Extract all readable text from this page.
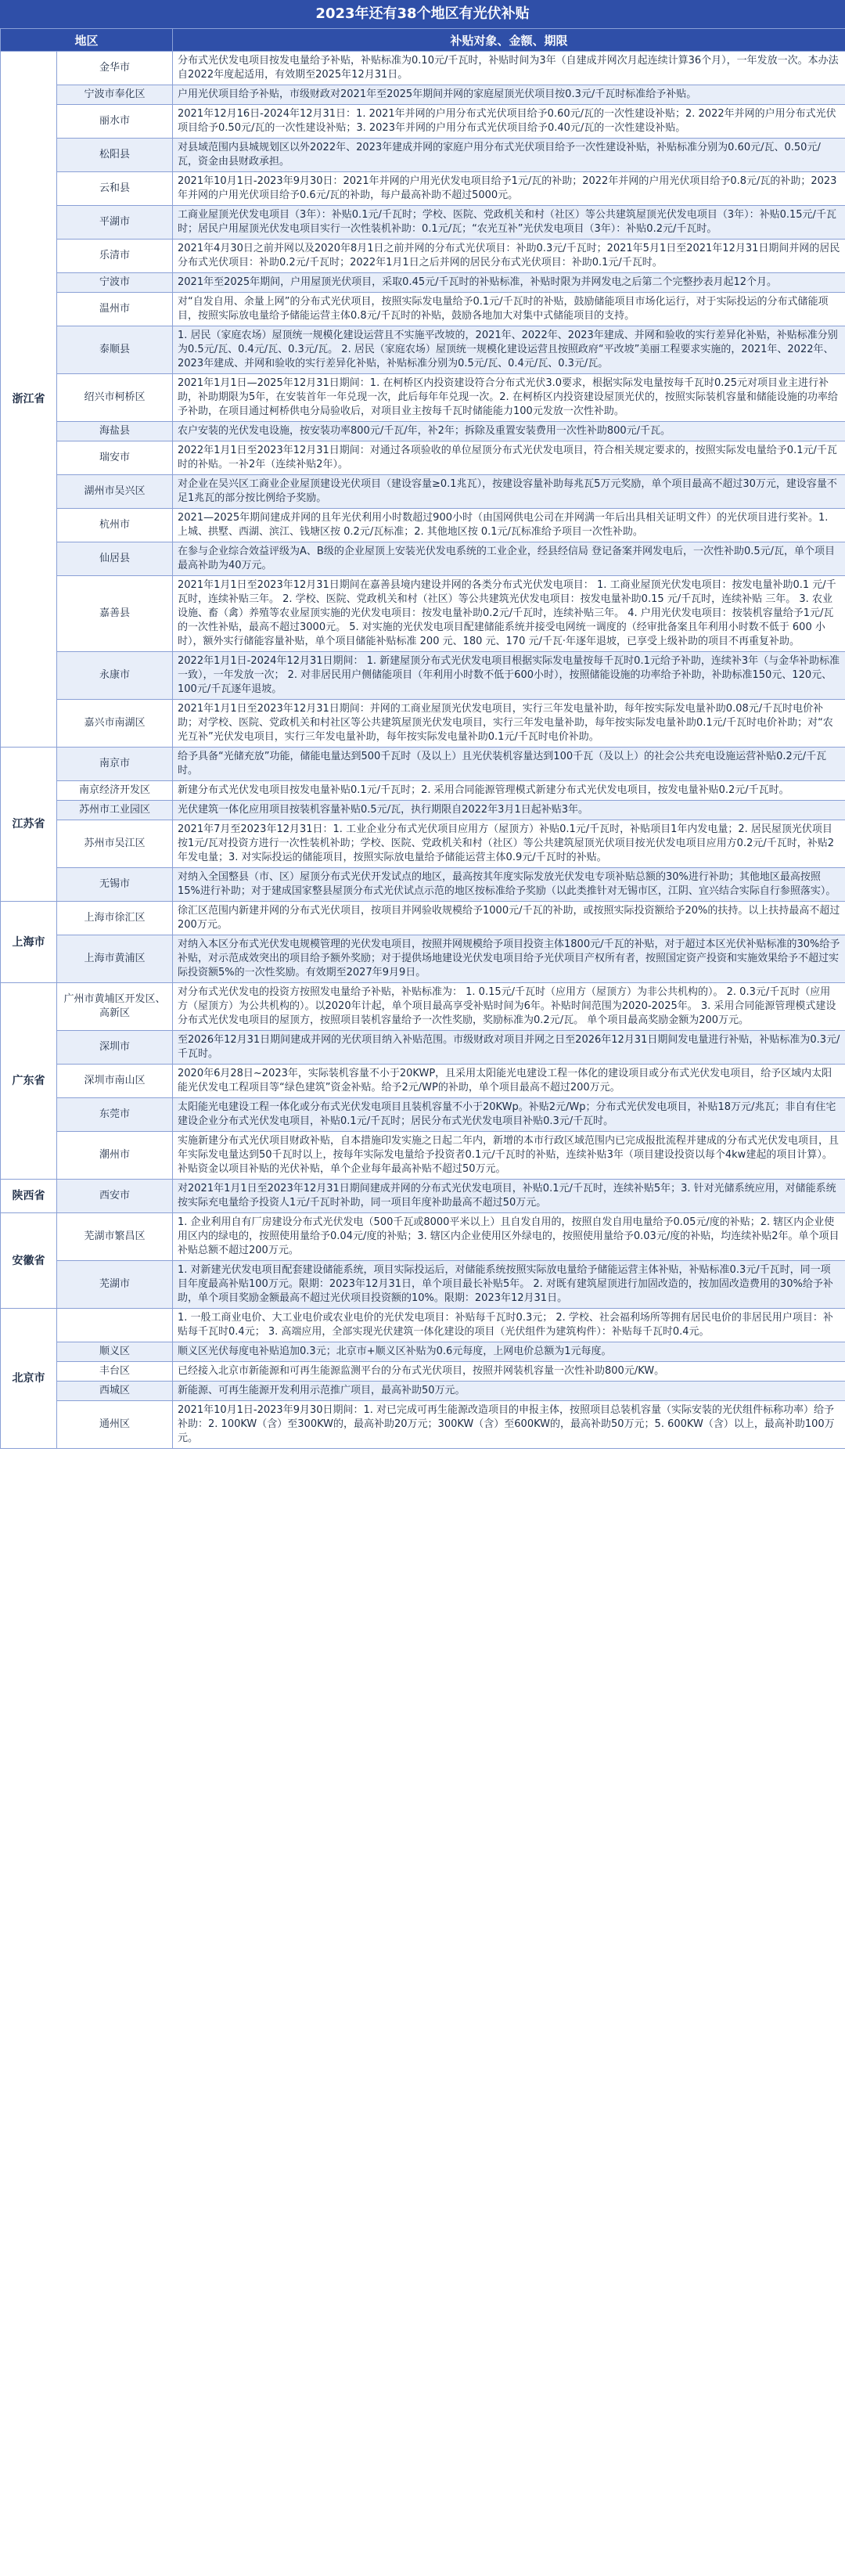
2023年还有38个地区有光伏补贴
地区		补贴对象、金额、期限
浙江省	金华市	分布式光伏发电项目按发电量给予补贴，补贴标准为0.10元/千瓦时，补贴时间为3年（自建成并网次月起连续计算36个月），一年发放一次。本办法自2022年度起适用，有效期至2025年12月31日。
	宁波市奉化区	户用光伏项目给予补贴，市级财政对2021年至2025年期间并网的家庭屋顶光伏项目按0.3元/千瓦时标准给予补贴。
	丽水市	2021年12月16日-2024年12月31日：1. 2021年并网的户用分布式光伏项目给予0.60元/瓦的一次性建设补贴；2. 2022年并网的户用分布式光伏项目给予0.50元/瓦的一次性建设补贴；3. 2023年并网的户用分布式光伏项目给予0.40元/瓦的一次性建设补贴。
	松阳县	对县域范围内县城规划区以外2022年、2023年建成并网的家庭户用分布式光伏项目给予一次性建设补贴，补贴标准分别为0.60元/瓦、0.50元/瓦，资金由县财政承担。
	云和县	2021年10月1日-2023年9月30日：2021年并网的户用光伏发电项目给予1元/瓦的补助；2022年并网的户用光伏项目给予0.8元/瓦的补助；2023年并网的户用光伏项目给予0.6元/瓦的补助，每户最高补助不超过5000元。
	平湖市	工商业屋顶光伏发电项目（3年）：补贴0.1元/千瓦时；学校、医院、党政机关和村（社区）等公共建筑屋顶光伏发电项目（3年）：补贴0.15元/千瓦时；居民户用屋顶光伏发电项目实行一次性装机补助：0.1元/瓦；“农光互补”光伏发电项目（3年）：补贴0.2元/千瓦时。
	乐清市	2021年4月30日之前并网以及2020年8月1日之前并网的分布式光伏项目：补助0.3元/千瓦时；2021年5月1日至2021年12月31日期间并网的居民分布式光伏项目：补助0.2元/千瓦时；2022年1月1日之后并网的居民分布式光伏项目：补助0.1元/千瓦时。
	宁波市	2021年至2025年期间，户用屋顶光伏项目，采取0.45元/千瓦时的补贴标准，补贴时限为并网发电之后第二个完整抄表月起12个月。
	温州市	对“自发自用、余量上网”的分布式光伏项目，按照实际发电量给予0.1元/千瓦时的补贴，鼓励储能项目市场化运行，对于实际投运的分布式储能项目，按照实际放电量给予储能运营主体0.8元/千瓦时的补贴，鼓励各地加大对集中式储能项目的支持。
	泰顺县	1. 居民（家庭农场）屋顶统一规模化建设运营且不实施平改坡的，2021年、2022年、2023年建成、并网和验收的实行差异化补贴，补贴标准分别为0.5元/瓦、0.4元/瓦、0.3元/瓦。 2. 居民（家庭农场）屋顶统一规模化建设运营且按照政府“平改坡”美丽工程要求实施的，2021年、2022年、2023年建成、并网和验收的实行差异化补贴，补贴标准分别为0.5元/瓦、0.4元/瓦、0.3元/瓦。
	绍兴市柯桥区	2021年1月1日—2025年12月31日期间：1. 在柯桥区内投资建设符合分布式光伏3.0要求，根据实际发电量按每千瓦时0.25元对项目业主进行补助，补助期限为5年，在安装首年一年兑现一次，此后每年年兑现一次。2. 在柯桥区内投资建设屋顶光伏的，按照实际装机容量和储能设施的功率给予补助，在项目通过柯桥供电分局验收后，对项目业主按每千瓦时储能能力100元发放一次性补助。
	海盐县	农户安装的光伏发电设施，按安装功率800元/千瓦/年，补2年；拆除及重置安装费用一次性补助800元/千瓦。
	瑞安市	2022年1月1日至2023年12月31日期间：对通过各项验收的单位屋顶分布式光伏发电项目，符合相关规定要求的，按照实际发电量给予0.1元/千瓦时的补贴。一补2年（连续补贴2年）。
	湖州市吴兴区	对企业在吴兴区工商业企业屋顶建设光伏项目（建设容量≥0.1兆瓦），按建设容量补助每兆瓦5万元奖励，单个项目最高不超过30万元，建设容量不足1兆瓦的部分按比例给予奖励。
	杭州市	2021—2025年期间建成并网的且年光伏利用小时数超过900小时（由国网供电公司在并网满一年后出具相关证明文件）的光伏项目进行奖补。1. 上城、拱墅、西湖、滨江、钱塘区按 0.2元/瓦标准；2. 其他地区按 0.1元/瓦标准给予项目一次性补助。
	仙居县	在参与企业综合效益评级为A、B级的企业屋顶上安装光伏发电系统的工业企业，经县经信局 登记备案并网发电后，一次性补助0.5元/瓦，单个项目最高补助为40万元。
	嘉善县	2021年1月1日至2023年12月31日期间在嘉善县境内建设并网的各类分布式光伏发电项目： 1. 工商业屋顶光伏发电项目：按发电量补助0.1 元/千瓦时，连续补贴三年。 2. 学校、医院、党政机关和村（社区）等公共建筑光伏发电项目：按发电量补助0.15 元/千瓦时，连续补贴 三年。 3. 农业设施、畜（禽）养殖等农业屋顶实施的光伏发电项目：按发电量补助0.2元/千瓦时，连续补贴三年。 4. 户用光伏发电项目：按装机容量给予1元/瓦的一次性补贴，最高不超过3000元。 5. 对实施的光伏发电项目配建储能系统并接受电网统一调度的（经审批备案且年利用小时数不低于 600 小时），额外实行储能容量补贴，单个项目储能补贴标准 200 元、180 元、170 元/千瓦·年逐年退坡，已享受上级补助的项目不再重复补助。
	永康市	2022年1月1日-2024年12月31日期间： 1. 新建屋顶分布式光伏发电项目根据实际发电量按每千瓦时0.1元给予补助，连续补3年（与金华补助标准一致），一年发放一次； 2. 对非居民用户侧储能项目（年利用小时数不低于600小时），按照储能设施的功率给予补助，补助标准150元、120元、100元/千瓦逐年退坡。
	嘉兴市南湖区	2021年1月1日至2023年12月31日期间：并网的工商业屋顶光伏发电项目，实行三年发电量补助，每年按实际发电量补助0.08元/千瓦时电价补助；对学校、医院、党政机关和村社区等公共建筑屋顶光伏发电项目，实行三年发电量补助，每年按实际发电量补助0.1元/千瓦时电价补助；对“农光互补”光伏发电项目，实行三年发电量补助，每年按实际发电量补助0.1元/千瓦时电价补助。
江苏省	南京市	给予具备“光储充放”功能，储能电量达到500千瓦时（及以上）且光伏装机容量达到100千瓦（及以上）的社会公共充电设施运营补贴0.2元/千瓦时。
	南京经济开发区	新建分布式光伏发电项目按发电量补贴0.1元/千瓦时；2. 采用合同能源管理模式新建分布式光伏发电项目，按发电量补贴0.2元/千瓦时。
	苏州市工业园区	光伏建筑一体化应用项目按装机容量补贴0.5元/瓦，执行期限自2022年3月1日起补贴3年。
	苏州市吴江区	2021年7月至2023年12月31日：1. 工业企业分布式光伏项目应用方（屋顶方）补贴0.1元/千瓦时，补贴项目1年内发电量；2. 居民屋顶光伏项目按1元/瓦对投资方进行一次性装机补助；学校、医院、党政机关和村（社区）等公共建筑屋顶光伏项目按光伏发电项目应用方0.2元/千瓦时，补贴2年发电量；3. 对实际投运的储能项目，按照实际放电量给予储能运营主体0.9元/千瓦时的补贴。
	无锡市	对纳入全国整县（市、区）屋顶分布式光伏开发试点的地区，最高按其年度实际发放光伏发电专项补贴总额的30%进行补助；其他地区最高按照15%进行补助；对于建成国家整县屋顶分布式光伏试点示范的地区按标准给予奖励（以此类推针对无锡市区，江阴、宜兴结合实际自行参照落实）。
上海市	上海市徐汇区	徐汇区范围内新建并网的分布式光伏项目，按项目并网验收规模给予1000元/千瓦的补助，或按照实际投资额给予20%的扶持。以上扶持最高不超过200万元。
	上海市黄浦区	对纳入本区分布式光伏发电规模管理的光伏发电项目，按照并网规模给予项目投资主体1800元/千瓦的补贴，对于超过本区光伏补贴标准的30%给予补贴，对示范成效突出的项目给予额外奖励；对于提供场地建设光伏发电项目给予光伏项目产权所有者，按照国定资产投资和实施效果给予不超过实际投资额5%的一次性奖励。有效期至2027年9月9日。
广东省	广州市黄埔区开发区、高新区	对分布式光伏发电的投资方按照发电量给予补贴，补贴标准为： 1. 0.15元/千瓦时（应用方（屋顶方）为非公共机构的）。 2. 0.3元/千瓦时（应用方（屋顶方）为公共机构的）。以2020年计起，单个项目最高享受补贴时间为6年。补贴时间范围为2020-2025年。 3. 采用合同能源管理模式建设分布式光伏发电项目的屋顶方，按照项目装机容量给予一次性奖励，奖励标准为0.2元/瓦。 单个项目最高奖励金额为200万元。
	深圳市	至2026年12月31日期间建成并网的光伏项目纳入补贴范围。市级财政对项目并网之日至2026年12月31日期间发电量进行补贴，补贴标准为0.3元/千瓦时。
	深圳市南山区	2020年6月28日~2023年，实际装机容量不小于20KWP，且采用太阳能光电建设工程一体化的建设项目或分布式光伏发电项目，给予区域内太阳能光伏发电工程项目等“绿色建筑”资金补贴。给予2元/WP的补助，单个项目最高不超过200万元。
	东莞市	太阳能光电建设工程一体化或分布式光伏发电项目且装机容量不小于20KWp。补贴2元/Wp；分布式光伏发电项目，补贴18万元/兆瓦；非自有住宅建设企业分布式光伏发电项目，补贴0.1元/千瓦时；居民分布式光伏发电项目补贴0.3元/千瓦时。
	潮州市	实施新建分布式光伏项目财政补贴，自本措施印发实施之日起二年内，新增的本市行政区域范围内已完成报批流程并建成的分布式光伏发电项目，且年实际发电量达到50千瓦时以上，按每年实际发电量给予投资者0.1元/千瓦时的补贴，连续补贴3年（项目建设投资以每个4kw建起的项目计算）。补贴资金以项目补贴的光伏补贴，单个企业每年最高补贴不超过50万元。
陕西省	西安市	对2021年1月1日至2023年12月31日期间建成并网的分布式光伏发电项目，补贴0.1元/千瓦时，连续补贴5年；3. 针对光储系统应用，对储能系统按实际充电量给予投资人1元/千瓦时补助，同一项目年度补助最高不超过50万元。
安徽省	芜湖市繁昌区	1. 企业利用自有厂房建设分布式光伏发电（500千瓦或8000平米以上）且自发自用的，按照自发自用电量给予0.05元/度的补贴；2. 辖区内企业使用区内的绿电的，按照使用量给予0.04元/度的补贴；3. 辖区内企业使用区外绿电的，按照使用量给予0.03元/度的补贴，均连续补贴2年。单个项目补贴总额不超过200万元。
	芜湖市	1. 对新建光伏发电项目配套建设储能系统，项目实际投运后，对储能系统按照实际放电量给予储能运营主体补贴，补贴标准0.3元/千瓦时，同一项目年度最高补贴100万元。限期：2023年12月31日，单个项目最长补贴5年。 2. 对既有建筑屋顶进行加固改造的，按加固改造费用的30%给予补助，单个项目奖励金额最高不超过光伏项目投资额的10%。限期：2023年12月31日。
北京市		1. 一般工商业电价、大工业电价或农业电价的光伏发电项目：补贴每千瓦时0.3元； 2. 学校、社会福利场所等拥有居民电价的非居民用户项目：补贴每千瓦时0.4元； 3. 高端应用，全部实现光伏建筑一体化建设的项目（光伏组件为建筑构件）：补贴每千瓦时0.4元。
	顺义区	顺义区光伏每度电补贴追加0.3元；北京市+顺义区补贴为0.6元每度，上网电价总额为1元每度。
	丰台区	已经接入北京市新能源和可再生能源监测平台的分布式光伏项目，按照并网装机容量一次性补助800元/KW。
	西城区	新能源、可再生能源开发利用示范推广项目，最高补助50万元。
	通州区	2021年10月1日-2023年9月30日期间：1. 对已完成可再生能源改造项目的申报主体，按照项目总装机容量（实际安装的光伏组件标称功率）给予补助：2. 100KW（含）至300KW的，最高补助20万元；300KW（含）至600KW的，最高补助50万元；5. 600KW（含）以上，最高补助100万元。
